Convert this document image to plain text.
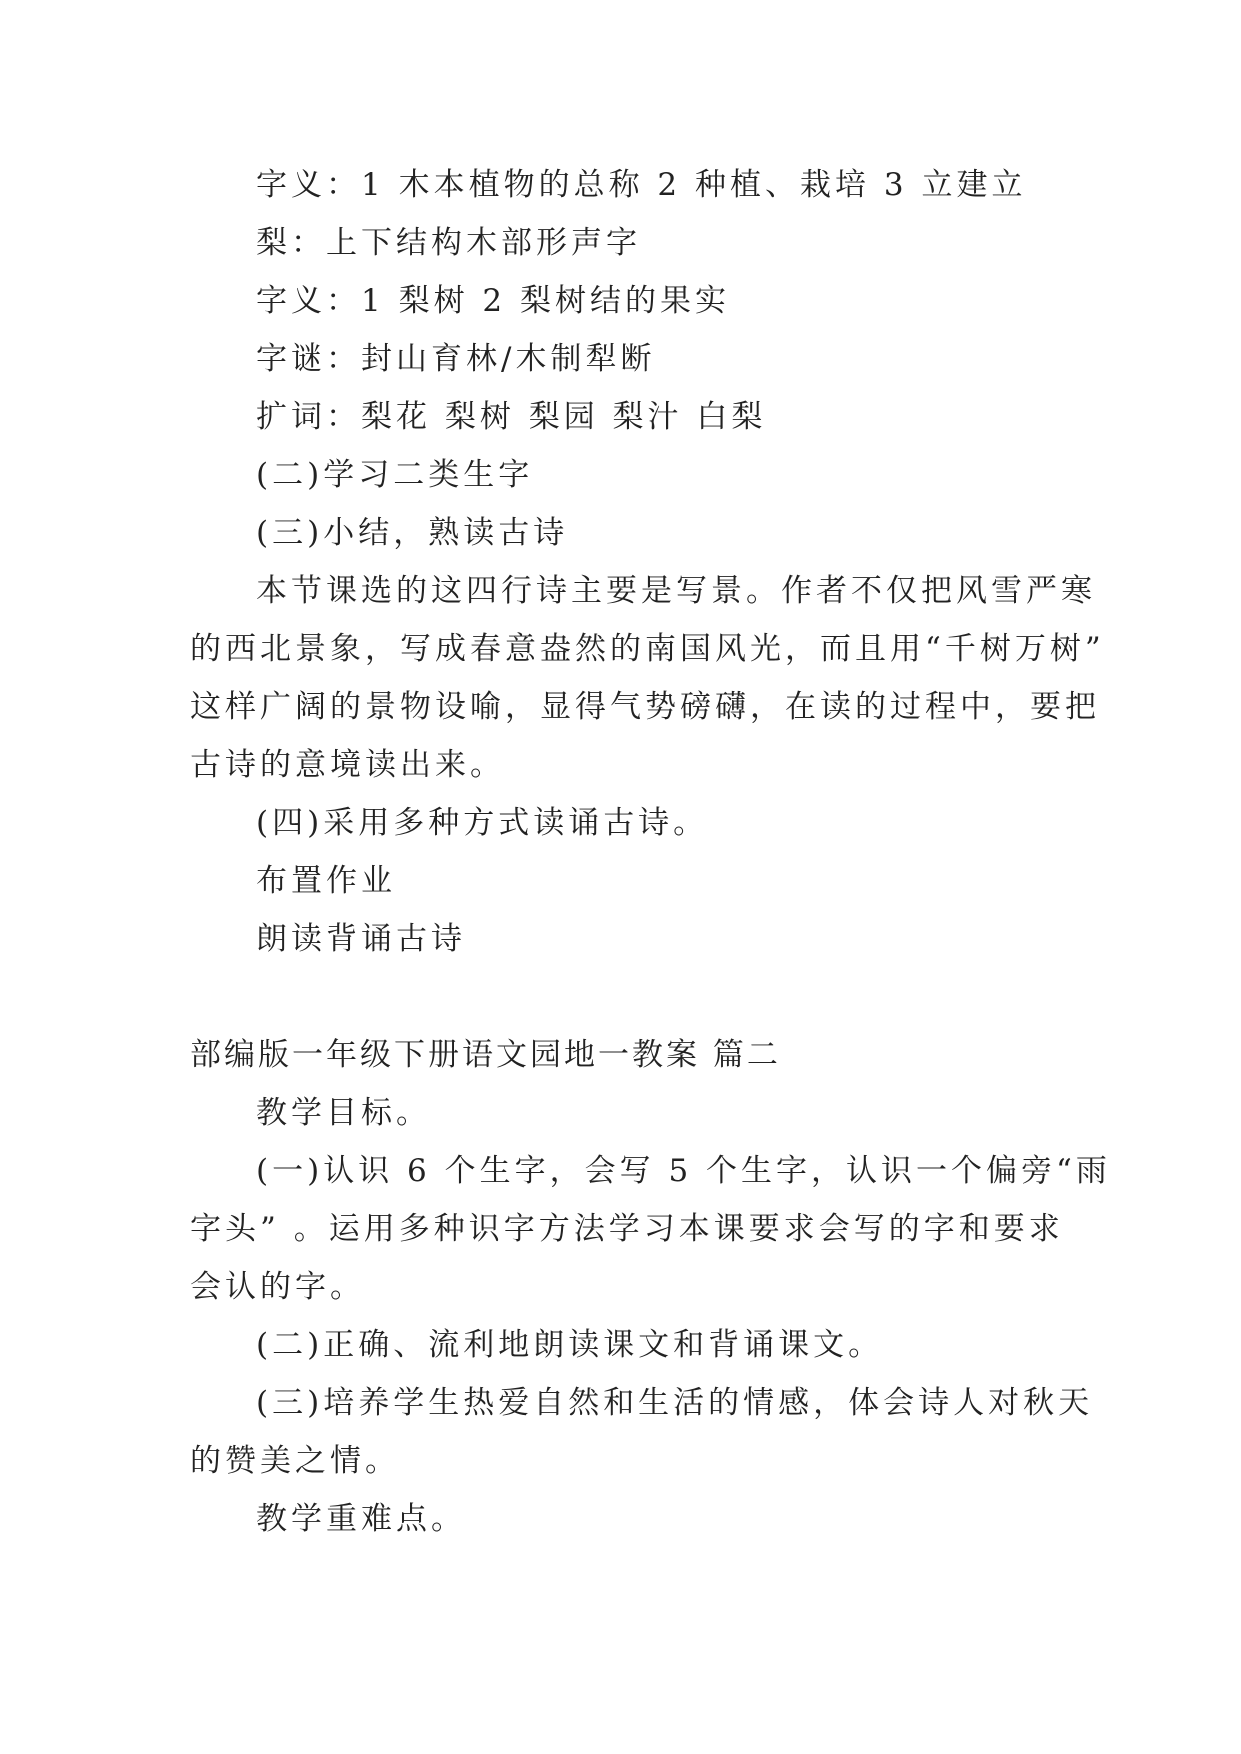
字义：1 木本植物的总称 2 种植、栽培 3 立建立
梨：上下结构木部形声字
字义：1 梨树 2 梨树结的果实
字谜：封山育林/木制犁断
扩词：梨花 梨树 梨园 梨汁 白梨
(二)学习二类生字
(三)小结，熟读古诗
本节课选的这四行诗主要是写景。作者不仅把风雪严寒
的西北景象，写成春意盎然的南国风光，而且用“千树万树”
这样广阔的景物设喻，显得气势磅礴，在读的过程中，要把
古诗的意境读出来。
(四)采用多种方式读诵古诗。
布置作业
朗读背诵古诗
部编版一年级下册语文园地一教案 篇二
教学目标。
(一)认识 6 个生字，会写 5 个生字，认识一个偏旁“雨
字头” 。运用多种识字方法学习本课要求会写的字和要求
会认的字。
(二)正确、流利地朗读课文和背诵课文。
(三)培养学生热爱自然和生活的情感，体会诗人对秋天
的赞美之情。
教学重难点。
